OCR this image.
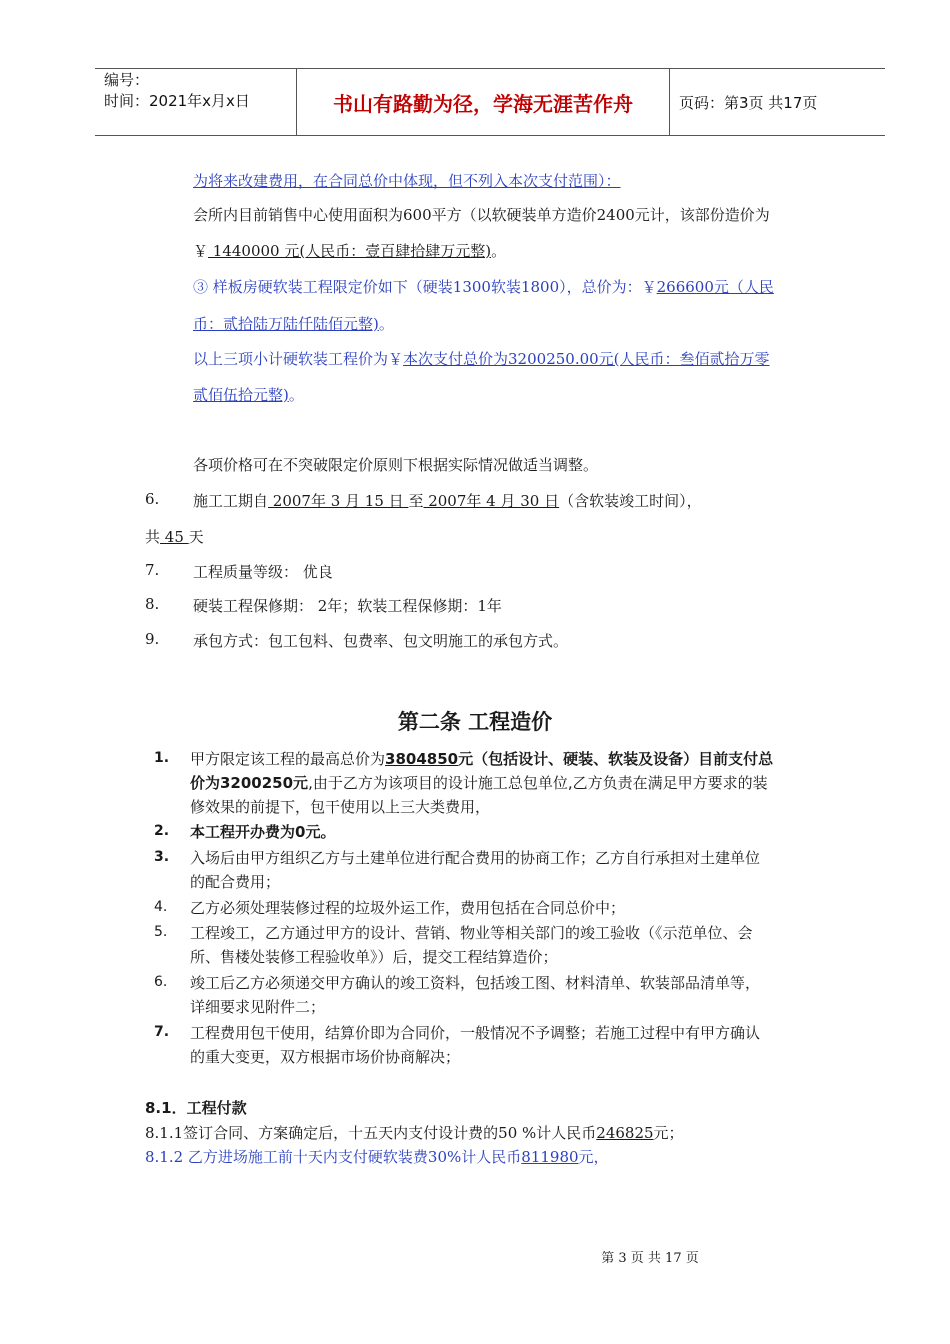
编号：
时间：2021年x月x日	书山有路勤为径，学海无涯苦作舟	页码：第3页 共17页
为将来改建费用，在合同总价中体现，但不列入本次支付范围）：
会所内目前销售中心使用面积为600平方（以软硬装单方造价2400元计，该部份造价为
￥ 1440000 元(人民币：壹百肆拾肆万元整)。
③ 样板房硬软装工程限定价如下（硬装1300软装1800），总价为：￥266600元（人民
币：贰拾陆万陆仟陆佰元整)。
以上三项小计硬软装工程价为￥本次支付总价为3200250.00元(人民币：叁佰贰拾万零
贰佰伍拾元整)。
各项价格可在不突破限定价原则下根据实际情况做适当调整。
6. 施工工期自 2007年 3 月 15 日 至 2007年 4 月 30 日（含软装竣工时间），
共 45 天
7. 工程质量等级： 优良
8. 硬装工程保修期： 2年；软装工程保修期：1年
9. 承包方式：包工包料、包费率、包文明施工的承包方式。
第二条 工程造价
1. 甲方限定该工程的最高总价为3804850元（包括设计、硬装、软装及设备）目前支付总
价为3200250元,由于乙方为该项目的设计施工总包单位,乙方负责在满足甲方要求的装
修效果的前提下，包干使用以上三大类费用，
2. 本工程开办费为0元。
3. 入场后由甲方组织乙方与土建单位进行配合费用的协商工作；乙方自行承担对土建单位
的配合费用；
4. 乙方必须处理装修过程的垃圾外运工作，费用包括在合同总价中；
5. 工程竣工，乙方通过甲方的设计、营销、物业等相关部门的竣工验收（《示范单位、会
所、售楼处装修工程验收单》）后，提交工程结算造价；
6. 竣工后乙方必须递交甲方确认的竣工资料，包括竣工图、材料清单、软装部品清单等，
详细要求见附件二；
7. 工程费用包干使用，结算价即为合同价，一般情况不予调整；若施工过程中有甲方确认
的重大变更，双方根据市场价协商解决；
8.1．工程付款
8.1.1签订合同、方案确定后，十五天内支付设计费的50 %计人民币246825元；
8.1.2 乙方进场施工前十天内支付硬软装费30%计人民币811980元，
第 3 页 共 17 页
